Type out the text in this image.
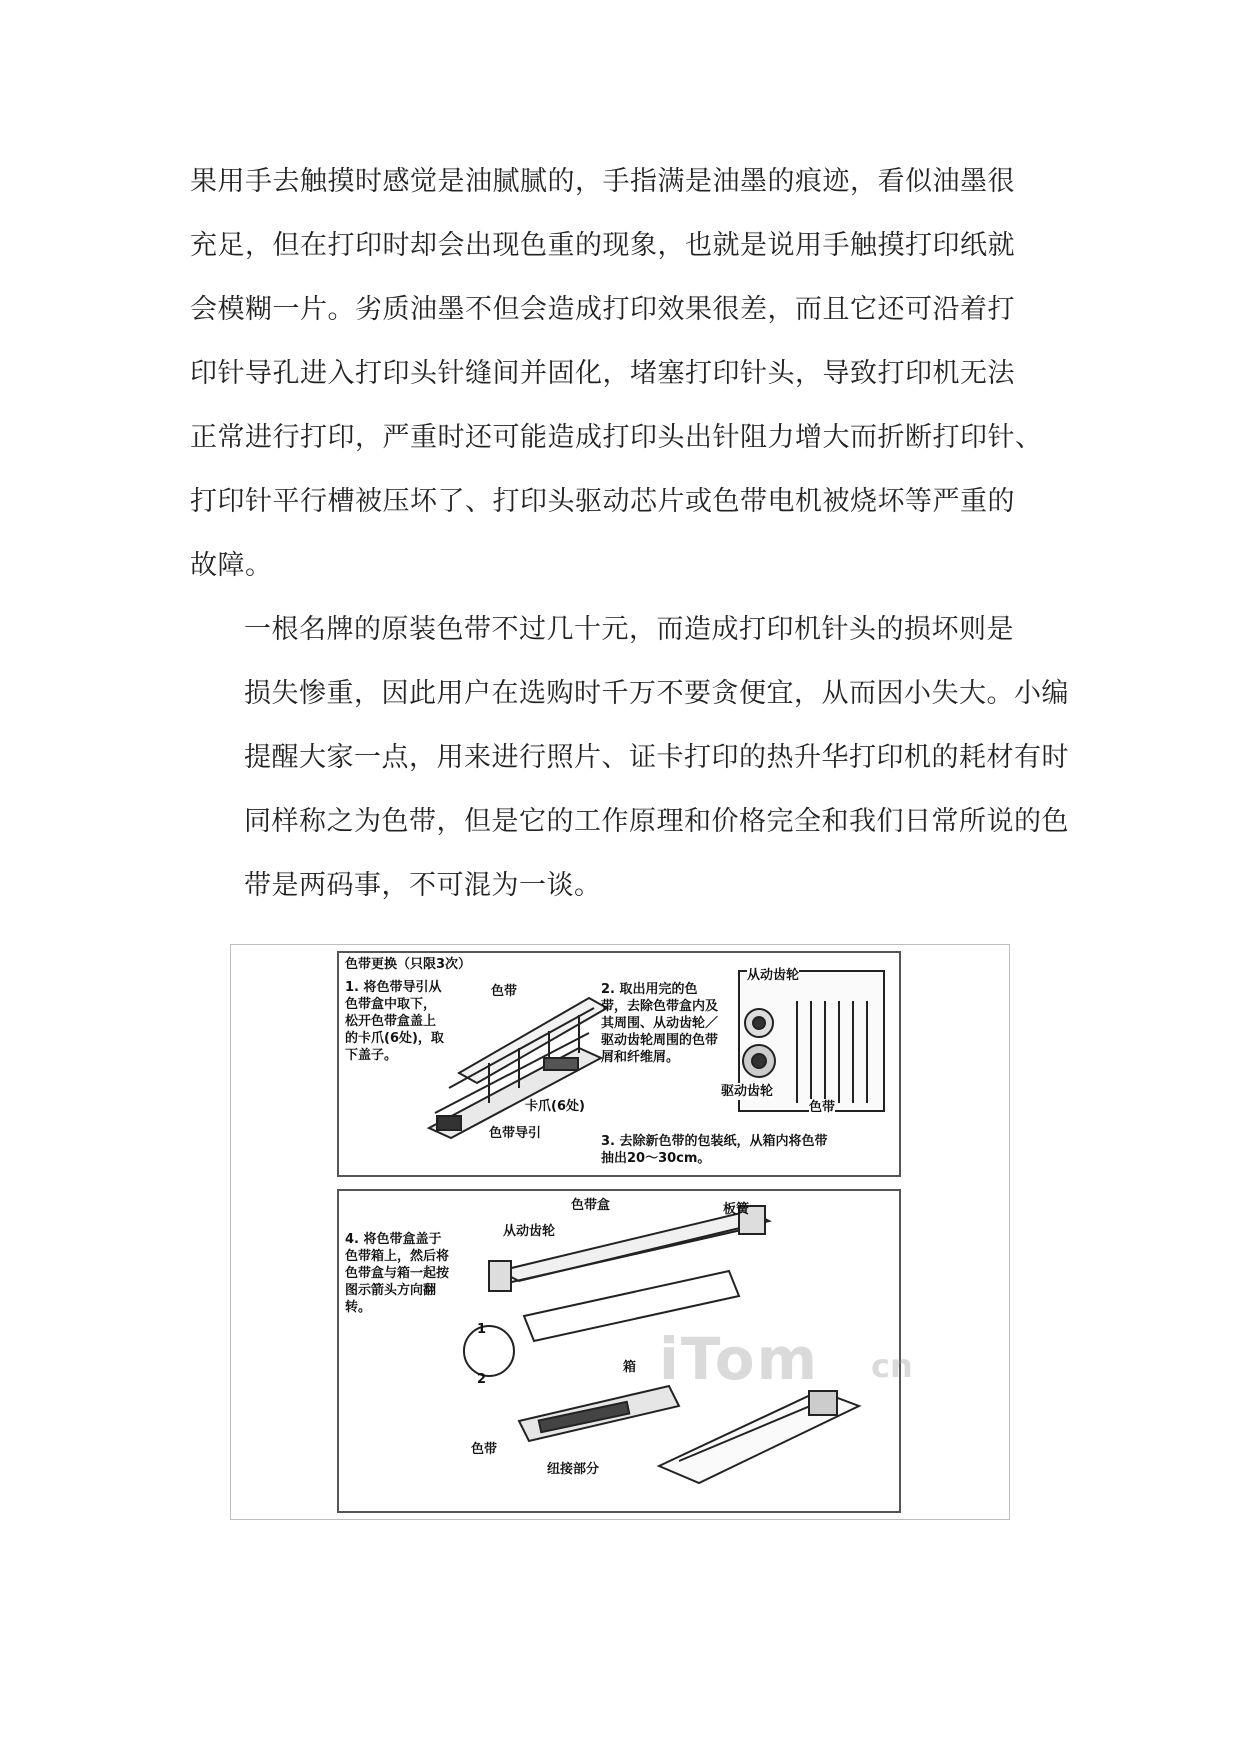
果用手去触摸时感觉是油腻腻的，手指满是油墨的痕迹，看似油墨很
充足，但在打印时却会出现色重的现象，也就是说用手触摸打印纸就
会模糊一片。劣质油墨不但会造成打印效果很差，而且它还可沿着打
印针导孔进入打印头针缝间并固化，堵塞打印针头，导致打印机无法
正常进行打印，严重时还可能造成打印头出针阻力增大而折断打印针、
打印针平行槽被压坏了、打印头驱动芯片或色带电机被烧坏等严重的
故障。

一根名牌的原装色带不过几十元，而造成打印机针头的损坏则是
损失惨重，因此用户在选购时千万不要贪便宜，从而因小失大。小编
提醒大家一点，用来进行照片、证卡打印的热升华打印机的耗材有时
同样称之为色带，但是它的工作原理和价格完全和我们日常所说的色
带是两码事，不可混为一谈。

色带更换（只限3次）
1. 将色带导引从色带盒中取下，松开色带盒盖上的卡爪(6处)，取下盖子。
色带
卡爪(6处)
色带导引
2. 取出用完的色带，去除色带盒内及其周围、从动齿轮／驱动齿轮周围的色带屑和纤维屑。
从动齿轮
驱动齿轮
色带
3. 去除新色带的包装纸，从箱内将色带抽出20～30cm。
4. 将色带盒盖于色带箱上，然后将色带盒与箱一起按图示箭头方向翻转。
色带盒	板簧
从动齿轮
1
2
箱
色带
纽接部分
iTom cn
